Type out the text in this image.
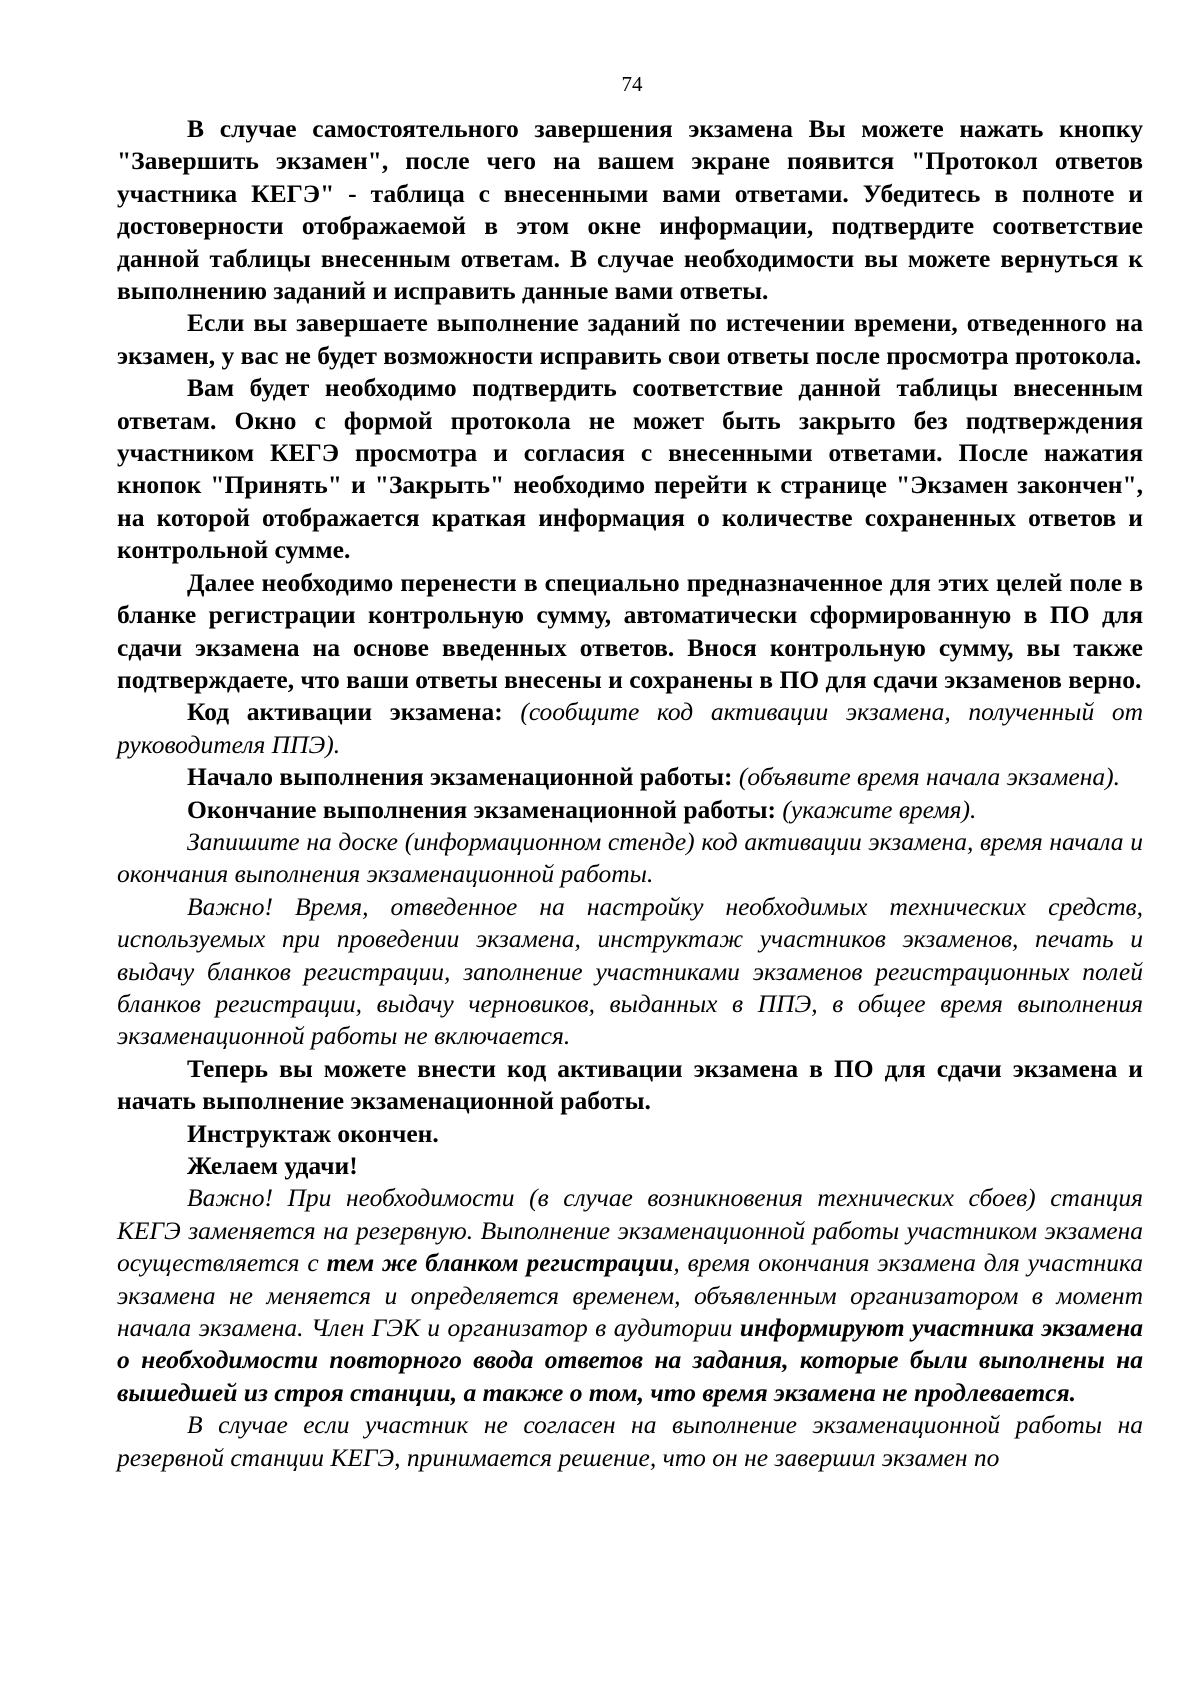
74

В случае самостоятельного завершения экзамена Вы можете нажать кнопку "Завершить экзамен", после чего на вашем экране появится "Протокол ответов участника КЕГЭ" - таблица с внесенными вами ответами. Убедитесь в полноте и достоверности отображаемой в этом окне информации, подтвердите соответствие данной таблицы внесенным ответам. В случае необходимости вы можете вернуться к выполнению заданий и исправить данные вами ответы.

Если вы завершаете выполнение заданий по истечении времени, отведенного на экзамен, у вас не будет возможности исправить свои ответы после просмотра протокола.

Вам будет необходимо подтвердить соответствие данной таблицы внесенным ответам. Окно с формой протокола не может быть закрыто без подтверждения участником КЕГЭ просмотра и согласия с внесенными ответами. После нажатия кнопок "Принять" и "Закрыть" необходимо перейти к странице "Экзамен закончен", на которой отображается краткая информация о количестве сохраненных ответов и контрольной сумме.

Далее необходимо перенести в специально предназначенное для этих целей поле в бланке регистрации контрольную сумму, автоматически сформированную в ПО для сдачи экзамена на основе введенных ответов. Внося контрольную сумму, вы также подтверждаете, что ваши ответы внесены и сохранены в ПО для сдачи экзаменов верно.

Код активации экзамена: (сообщите код активации экзамена, полученный от руководителя ППЭ).

Начало выполнения экзаменационной работы: (объявите время начала экзамена).

Окончание выполнения экзаменационной работы: (укажите время).

Запишите на доске (информационном стенде) код активации экзамена, время начала и окончания выполнения экзаменационной работы.

Важно! Время, отведенное на настройку необходимых технических средств, используемых при проведении экзамена, инструктаж участников экзаменов, печать и выдачу бланков регистрации, заполнение участниками экзаменов регистрационных полей бланков регистрации, выдачу черновиков, выданных в ППЭ, в общее время выполнения экзаменационной работы не включается.

Теперь вы можете внести код активации экзамена в ПО для сдачи экзамена и начать выполнение экзаменационной работы.

Инструктаж окончен.

Желаем удачи!

Важно! При необходимости (в случае возникновения технических сбоев) станция КЕГЭ заменяется на резервную. Выполнение экзаменационной работы участником экзамена осуществляется с тем же бланком регистрации, время окончания экзамена для участника экзамена не меняется и определяется временем, объявленным организатором в момент начала экзамена. Член ГЭК и организатор в аудитории информируют участника экзамена о необходимости повторного ввода ответов на задания, которые были выполнены на вышедшей из строя станции, а также о том, что время экзамена не продлевается.

В случае если участник не согласен на выполнение экзаменационной работы на резервной станции КЕГЭ, принимается решение, что он не завершил экзамен по
